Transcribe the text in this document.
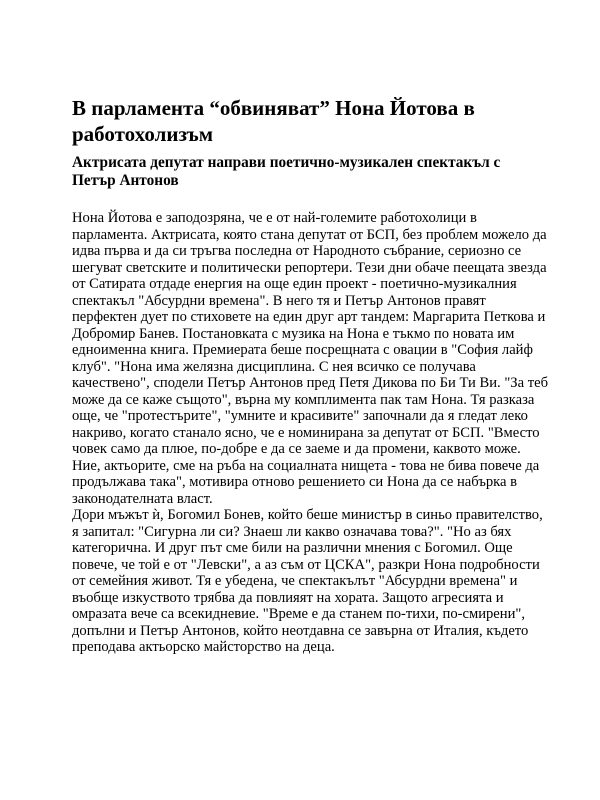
В парламента “обвиняват” Нона Йотова в работохолизъм
Актрисата депутат направи поетично-музикален спектакъл с Петър Антонов

Нона Йотова е заподозряна, че е от най-големите работохолици в парламента. Актрисата, която стана депутат от БСП, без проблем можело да идва първа и да си тръгва последна от Народното събрание, сериозно се шегуват светските и политически репортери. Тези дни обаче пеещата звезда от Сатирата отдаде енергия на още един проект - поетично-музикалния спектакъл "Абсурдни времена". В него тя и Петър Антонов правят перфектен дует по стиховете на един друг арт тандем: Маргарита Петкова и Добромир Банев. Постановката с музика на Нона е тъкмо по новата им едноименна книга. Премиерата беше посрещната с овации в "София лайф клуб". "Нона има желязна дисциплина. С нея всичко се получава качествено", сподели Петър Антонов пред Петя Дикова по Би Ти Ви. "За теб може да се каже същото", върна му комплимента пак там Нона. Тя разказа още, че "протестърите", "умните и красивите" започнали да я гледат леко накриво, когато станало ясно, че е номинирана за депутат от БСП. "Вместо човек само да плюе, по-добре е да се заеме и да промени, каквото може. Ние, актьорите, сме на ръба на социалната нищета - това не бива повече да продължава така", мотивира отново решението си Нона да се набърка в законодателната власт.

Дори мъжът ѝ, Богомил Бонев, който беше министър в синьо правителство, я запитал: "Сигурна ли си? Знаеш ли какво означава това?". "Но аз бях категорична. И друг път сме били на различни мнения с Богомил. Още повече, че той е от "Левски", а аз съм от ЦСКА", разкри Нона подробности от семейния живот. Тя е убедена, че спектакълът "Абсурдни времена" и въобще изкуството трябва да повлияят на хората. Защото агресията и омразата вече са всекидневие. "Време е да станем по-тихи, по-смирени", допълни и Петър Антонов, който неотдавна се завърна от Италия, където преподава актьорско майсторство на деца.
